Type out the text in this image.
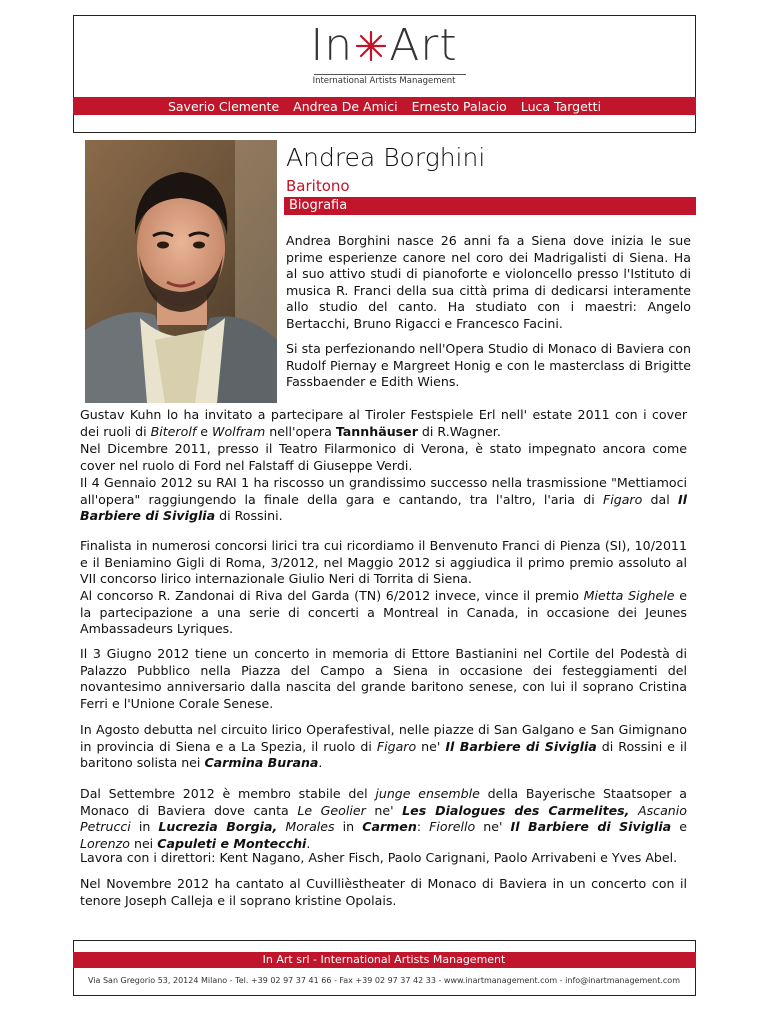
In Art
International Artists Management
Saverio Clemente Andrea De Amici Ernesto Palacio Luca Targetti
Andrea Borghini
Baritono
Biografia
Andrea Borghini nasce 26 anni fa a Siena dove inizia le sue prime esperienze canore nel coro dei Madrigalisti di Siena. Ha al suo attivo studi di pianoforte e violoncello presso l'Istituto di musica R. Franci della sua città prima di dedicarsi interamente allo studio del canto. Ha studiato con i maestri: Angelo Bertacchi, Bruno Rigacci e Francesco Facini.
Si sta perfezionando nell'Opera Studio di Monaco di Baviera con Rudolf Piernay e Margreet Honig e con le masterclass di Brigitte Fassbaender e Edith Wiens.
Gustav Kuhn lo ha invitato a partecipare al Tiroler Festspiele Erl nell' estate 2011 con i cover dei ruoli di Biterolf e Wolfram nell'opera Tannhäuser di R.Wagner.
Nel Dicembre 2011, presso il Teatro Filarmonico di Verona, è stato impegnato ancora come cover nel ruolo di Ford nel Falstaff di Giuseppe Verdi.
Il 4 Gennaio 2012 su RAI 1 ha riscosso un grandissimo successo nella trasmissione "Mettiamoci all'opera" raggiungendo la finale della gara e cantando, tra l'altro, l'aria di Figaro dal Il Barbiere di Siviglia di Rossini.
Finalista in numerosi concorsi lirici tra cui ricordiamo il Benvenuto Franci di Pienza (SI), 10/2011 e il Beniamino Gigli di Roma, 3/2012, nel Maggio 2012 si aggiudica il primo premio assoluto al VII concorso lirico internazionale Giulio Neri di Torrita di Siena.
Al concorso R. Zandonai di Riva del Garda (TN) 6/2012 invece, vince il premio Mietta Sighele e la partecipazione a una serie di concerti a Montreal in Canada, in occasione dei Jeunes Ambassadeurs Lyriques.
Il 3 Giugno 2012 tiene un concerto in memoria di Ettore Bastianini nel Cortile del Podestà di Palazzo Pubblico nella Piazza del Campo a Siena in occasione dei festeggiamenti del novantesimo anniversario dalla nascita del grande baritono senese, con lui il soprano Cristina Ferri e l'Unione Corale Senese.
In Agosto debutta nel circuito lirico Operafestival, nelle piazze di San Galgano e San Gimignano in provincia di Siena e a La Spezia, il ruolo di Figaro ne' Il Barbiere di Siviglia di Rossini e il baritono solista nei Carmina Burana.
Dal Settembre 2012 è membro stabile del junge ensemble della Bayerische Staatsoper a Monaco di Baviera dove canta Le Geolier ne' Les Dialogues des Carmelites, Ascanio Petrucci in Lucrezia Borgia, Morales in Carmen: Fiorello ne' Il Barbiere di Siviglia e Lorenzo nei Capuleti e Montecchi.
Lavora con i direttori: Kent Nagano, Asher Fisch, Paolo Carignani, Paolo Arrivabeni e Yves Abel.
Nel Novembre 2012 ha cantato al Cuvillièstheater di Monaco di Baviera in un concerto con il tenore Joseph Calleja e il soprano kristine Opolais.
In Art srl - International Artists Management
Via San Gregorio 53, 20124 Milano - Tel. +39 02 97 37 41 66 - Fax +39 02 97 37 42 33 - www.inartmanagement.com - info@inartmanagement.com
